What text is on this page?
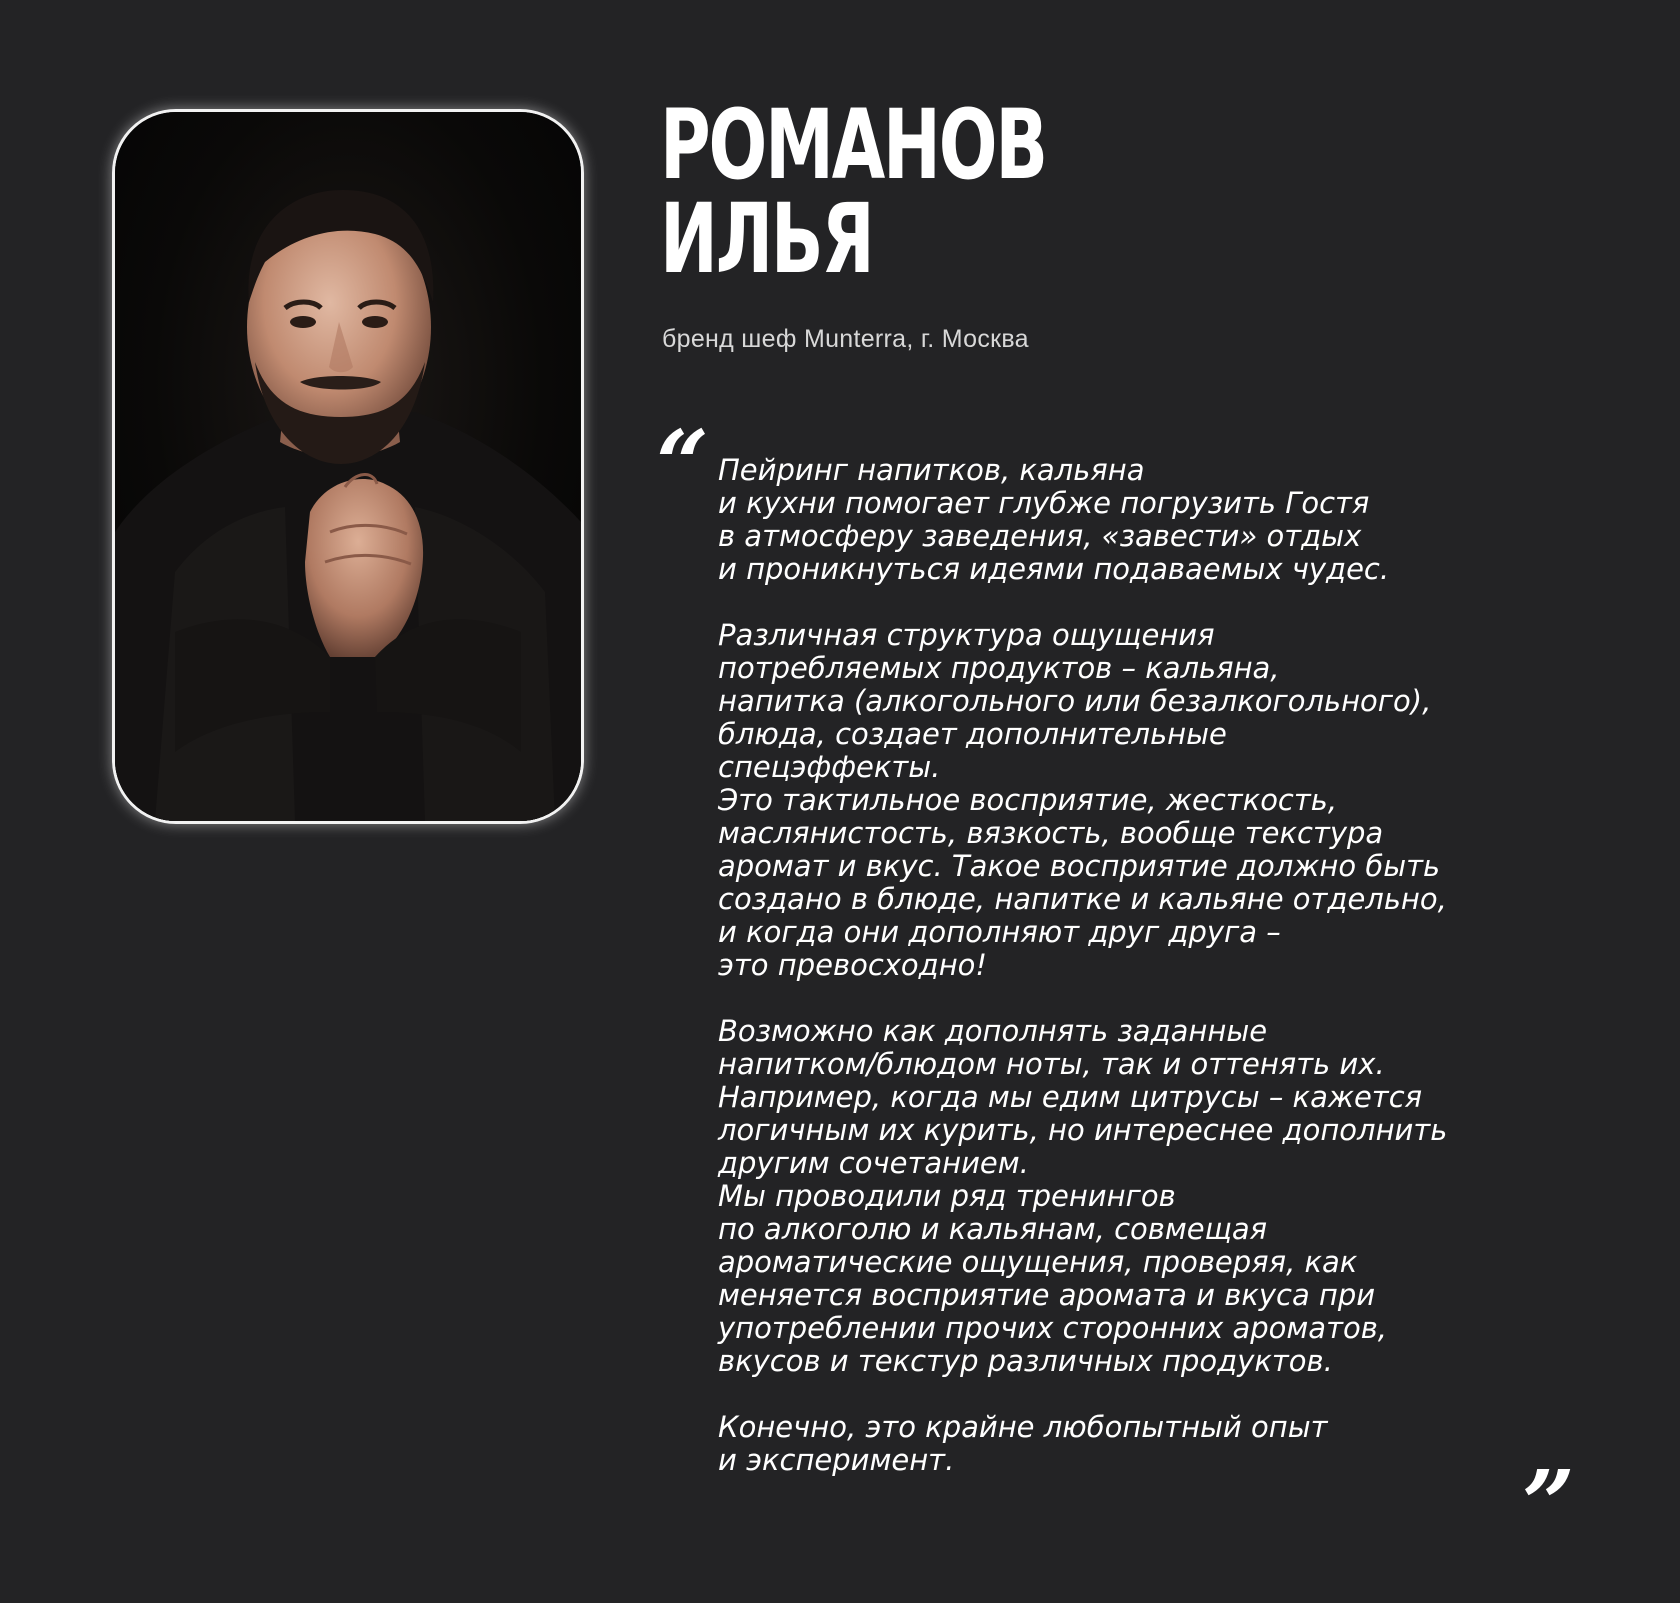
РОМАНОВ
ИЛЬЯ
бренд шеф Munterra, г. Москва
“
”

Пейринг напитков, кальяна
и кухни помогает глубже погрузить Гостя
в атмосферу заведения, «завести» отдых
и проникнуться идеями подаваемых чудес.

Различная структура ощущения
потребляемых продуктов – кальяна,
напитка (алкогольного или безалкогольного),
блюда, создает дополнительные
спецэффекты.
Это тактильное восприятие, жесткость,
маслянистость, вязкость, вообще текстура
аромат и вкус. Такое восприятие должно быть
создано в блюде, напитке и кальяне отдельно,
и когда они дополняют друг друга –
это превосходно!

Возможно как дополнять заданные
напитком/блюдом ноты, так и оттенять их.
Например, когда мы едим цитрусы – кажется
логичным их курить, но интереснее дополнить
другим сочетанием.
Мы проводили ряд тренингов
по алкоголю и кальянам, совмещая
ароматические ощущения, проверяя, как
меняется восприятие аромата и вкуса при
употреблении прочих сторонних ароматов,
вкусов и текстур различных продуктов.

Конечно, это крайне любопытный опыт
и эксперимент.
